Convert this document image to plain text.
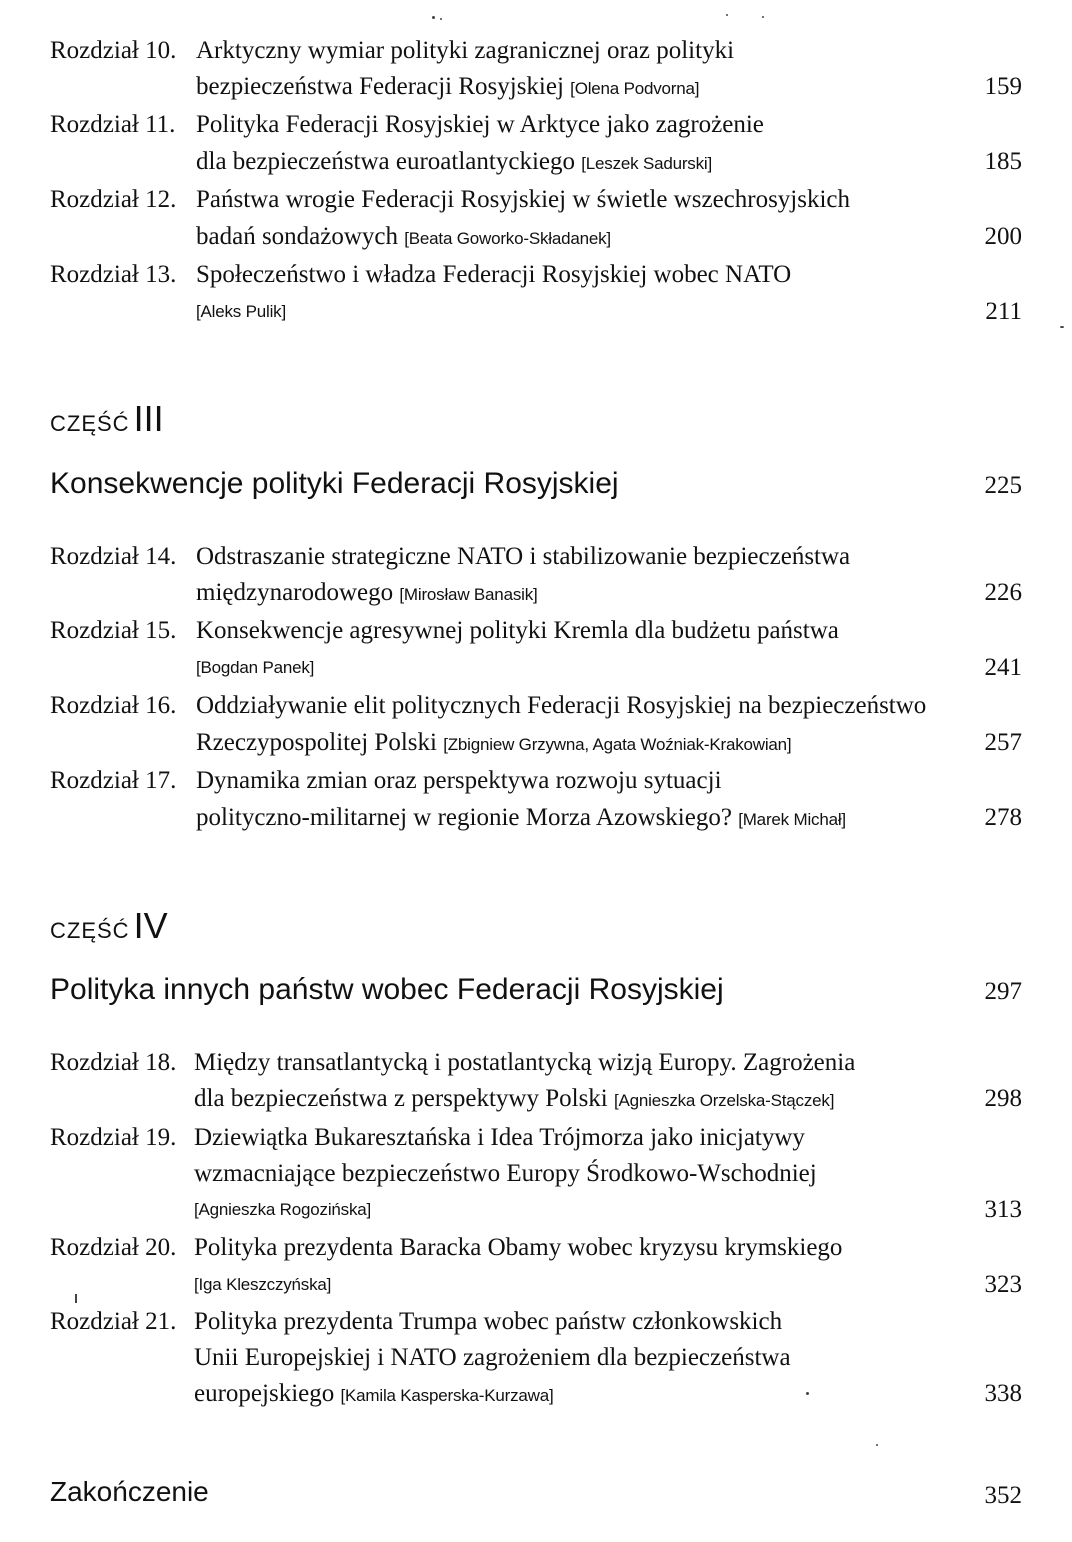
Rozdział 10. Arktyczny wymiar polityki zagranicznej oraz polityki
bezpieczeństwa Federacji Rosyjskiej [Olena Podvorna]	159
Rozdział 11. Polityka Federacji Rosyjskiej w Arktyce jako zagrożenie
dla bezpieczeństwa euroatlantyckiego [Leszek Sadurski]	185
Rozdział 12. Państwa wrogie Federacji Rosyjskiej w świetle wszechrosyjskich
badań sondażowych [Beata Goworko-Składanek]	200
Rozdział 13. Społeczeństwo i władza Federacji Rosyjskiej wobec NATO
[Aleks Pulik]	211
CZĘŚĆ III
Konsekwencje polityki Federacji Rosyjskiej	225
Rozdział 14. Odstraszanie strategiczne NATO i stabilizowanie bezpieczeństwa
międzynarodowego [Mirosław Banasik]	226
Rozdział 15. Konsekwencje agresywnej polityki Kremla dla budżetu państwa
[Bogdan Panek]	241
Rozdział 16. Oddziaływanie elit politycznych Federacji Rosyjskiej na bezpieczeństwo
Rzeczypospolitej Polski [Zbigniew Grzywna, Agata Woźniak-Krakowian]	257
Rozdział 17. Dynamika zmian oraz perspektywa rozwoju sytuacji
polityczno-militarnej w regionie Morza Azowskiego? [Marek Michał]	278
CZĘŚĆ IV
Polityka innych państw wobec Federacji Rosyjskiej	297
Rozdział 18. Między transatlantycką i postatlantycką wizją Europy. Zagrożenia
dla bezpieczeństwa z perspektywy Polski [Agnieszka Orzelska-Stączek]	298
Rozdział 19. Dziewiątka Bukaresztańska i Idea Trójmorza jako inicjatywy
wzmacniające bezpieczeństwo Europy Środkowo-Wschodniej
[Agnieszka Rogozińska]	313
Rozdział 20. Polityka prezydenta Baracka Obamy wobec kryzysu krymskiego
[Iga Kleszczyńska]	323
Rozdział 21. Polityka prezydenta Trumpa wobec państw członkowskich
Unii Europejskiej i NATO zagrożeniem dla bezpieczeństwa
europejskiego [Kamila Kasperska-Kurzawa]	338
Zakończenie	352
